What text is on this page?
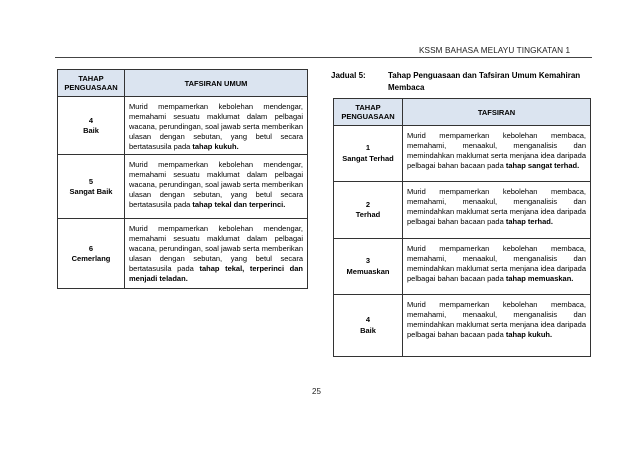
KSSM BAHASA MELAYU TINGKATAN 1
TAHAP
PENGUASAAN	TAFSIRAN UMUM
4
Baik	Murid mempamerkan kebolehan mendengar, memahami sesuatu maklumat dalam pelbagai wacana, perundingan, soal jawab serta memberikan ulasan dengan sebutan, yang betul secara bertatasusila pada tahap kukuh.
5
Sangat Baik	Murid mempamerkan kebolehan mendengar, memahami sesuatu maklumat dalam pelbagai wacana, perundingan, soal jawab serta memberikan ulasan dengan sebutan, yang betul secara bertatasusila pada tahap tekal dan terperinci.
6
Cemerlang	Murid mempamerkan kebolehan mendengar, memahami sesuatu maklumat dalam pelbagai wacana, perundingan, soal jawab serta memberikan ulasan dengan sebutan, yang betul secara bertatasusila pada tahap tekal, terperinci dan menjadi teladan.
Jadual 5:	Tahap Penguasaan dan Tafsiran Umum Kemahiran
Membaca
TAHAP
PENGUASAAN	TAFSIRAN
1
Sangat Terhad	Murid mempamerkan kebolehan membaca, memahami, menaakul, menganalisis dan memindahkan maklumat serta menjana idea daripada pelbagai bahan bacaan pada tahap sangat terhad.
2
Terhad	Murid mempamerkan kebolehan membaca, memahami, menaakul, menganalisis dan memindahkan maklumat serta menjana idea daripada pelbagai bahan bacaan pada tahap terhad.
3
Memuaskan	Murid mempamerkan kebolehan membaca, memahami, menaakul, menganalisis dan memindahkan maklumat serta menjana idea daripada pelbagai bahan bacaan pada tahap memuaskan.
4
Baik	Murid mempamerkan kebolehan membaca, memahami, menaakul, menganalisis dan memindahkan maklumat serta menjana idea daripada pelbagai bahan bacaan pada tahap kukuh.
25
